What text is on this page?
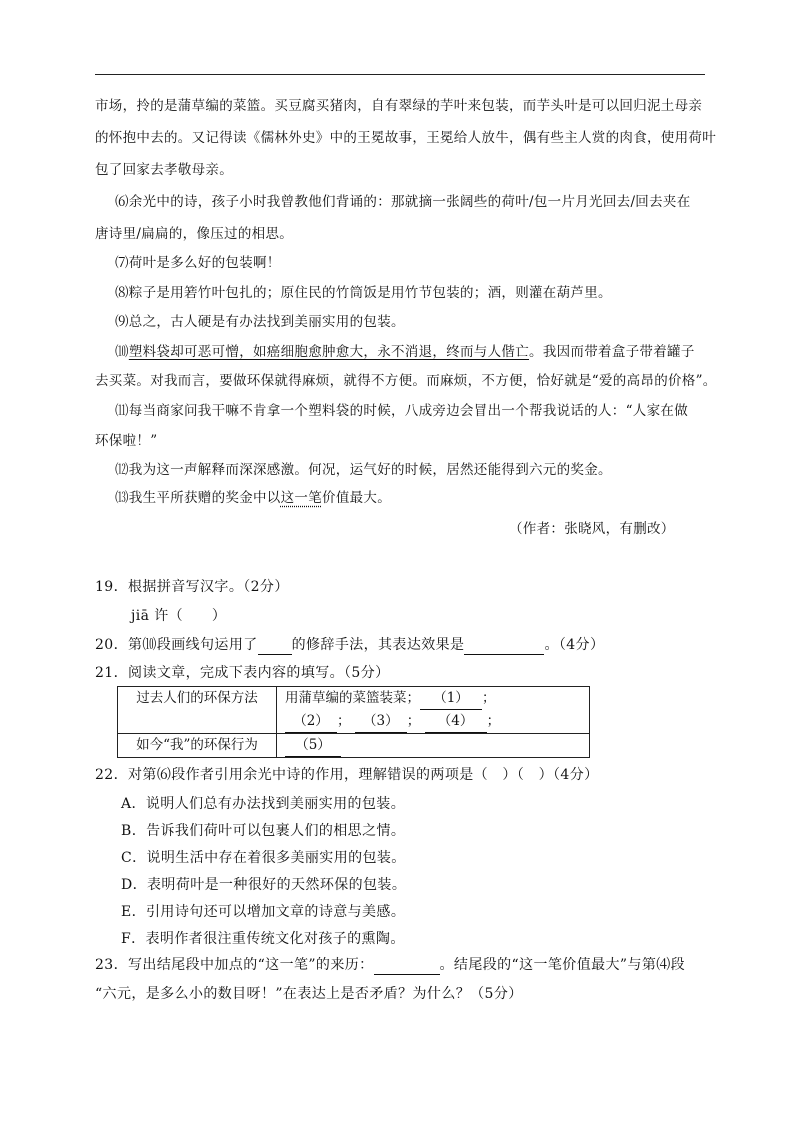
市场，拎的是蒲草编的菜篮。买豆腐买猪肉，自有翠绿的芋叶来包装，而芋头叶是可以回归泥土母亲
的怀抱中去的。又记得读《儒林外史》中的王冕故事，王冕给人放牛，偶有些主人赏的肉食，使用荷叶
包了回家去孝敬母亲。
⑹余光中的诗，孩子小时我曾教他们背诵的：那就摘一张阔些的荷叶/包一片月光回去/回去夹在
唐诗里/扁扁的，像压过的相思。
⑺荷叶是多么好的包装啊！
⑻粽子是用箬竹叶包扎的；原住民的竹筒饭是用竹节包装的；酒，则灌在葫芦里。
⑼总之，古人硬是有办法找到美丽实用的包装。
⑽塑料袋却可恶可憎，如癌细胞愈肿愈大，永不消退，终而与人偕亡。我因而带着盒子带着罐子
去买菜。对我而言，要做环保就得麻烦，就得不方便。而麻烦，不方便，恰好就是“爱的高昂的价格”。
⑾每当商家问我干嘛不肯拿一个塑料袋的时候，八成旁边会冒出一个帮我说话的人：“人家在做
环保啦！”
⑿我为这一声解释而深深感激。何况，运气好的时候，居然还能得到六元的奖金。
⒀我生平所获赠的奖金中以这一笔价值最大。
（作者：张晓风，有删改）
19．根据拼音写汉字。（2分）
jiā 许（　　）
20．第⑽段画线句运用了 的修辞手法，其表达效果是	。（4分）
21．阅读文章，完成下表内容的填写。（5分）
过去人们的环保方法	用蒲草编的菜篮装菜； （1） ；
（2） ； （3） ； （4） ；
如今“我”的环保行为	（5）
22．对第⑹段作者引用余光中诗的作用，理解错误的两项是（　）（　）（4分）
A．说明人们总有办法找到美丽实用的包装。
B．告诉我们荷叶可以包裹人们的相思之情。
C．说明生活中存在着很多美丽实用的包装。
D．表明荷叶是一种很好的天然环保的包装。
E．引用诗句还可以增加文章的诗意与美感。
F．表明作者很注重传统文化对孩子的熏陶。
23．写出结尾段中加点的“这一笔”的来历：	。结尾段的“这一笔价值最大”与第⑷段
“六元，是多么小的数目呀！”在表达上是否矛盾？为什么？（5分）
